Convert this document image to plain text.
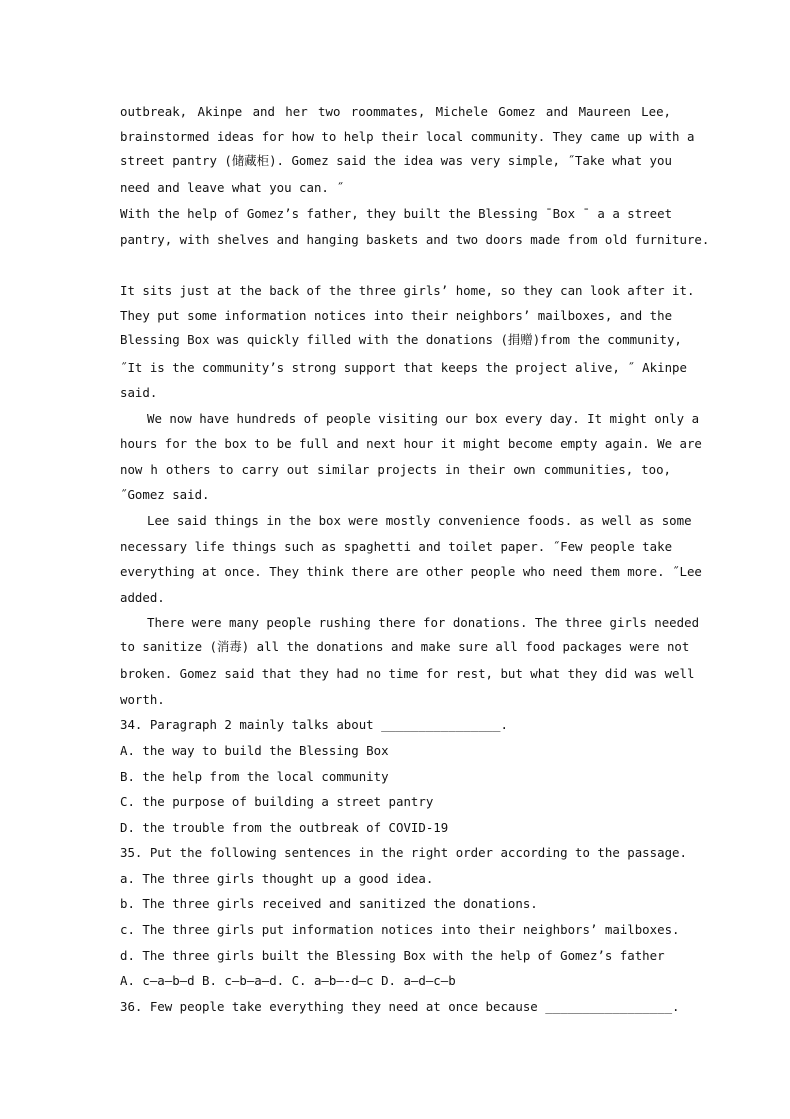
outbreak, Akinpe and her two roommates, Michele Gomez and Maureen Lee,
brainstormed ideas for how to help their local community. They came up with a
street pantry (储藏柜). Gomez said the idea was very simple, ˝Take what you
need and leave what you can. ˝
With the help of Gomez’s father, they built the Blessing ˉBox ˉ a a street
pantry, with shelves and hanging baskets and two doors made from old furniture.
It sits just at the back of the three girls’ home, so they can look after it.
They put some information notices into their neighbors’ mailboxes, and the
Blessing Box was quickly filled with the donations (捐赠)from the community,
˝It is the community’s strong support that keeps the project alive, ˝ Akinpe
said.
We now have hundreds of people visiting our box every day. It might only a
hours for the box to be full and next hour it might become empty again. We are
now h others to carry out similar projects in their own communities, too,
˝Gomez said.
Lee said things in the box were mostly convenience foods. as well as some
necessary life things such as spaghetti and toilet paper. ˝Few people take
everything at once. They think there are other people who need them more. ˝Lee
added.
There were many people rushing there for donations. The three girls needed
to sanitize (消毒) all the donations and make sure all food packages were not
broken. Gomez said that they had no time for rest, but what they did was well
worth.
34. Paragraph 2 mainly talks about ________________.
A. the way to build the Blessing Box
B. the help from the local community
C. the purpose of building a street pantry
D. the trouble from the outbreak of COVID-19
35. Put the following sentences in the right order according to the passage.
a. The three girls thought up a good idea.
b. The three girls received and sanitized the donations.
c. The three girls put information notices into their neighbors’ mailboxes.
d. The three girls built the Blessing Box with the help of Gomez’s father
A. c—a—b—d B. c—b—a—d. C. a—b—-d—c D. a—d—c—b
36. Few people take everything they need at once because _________________.
